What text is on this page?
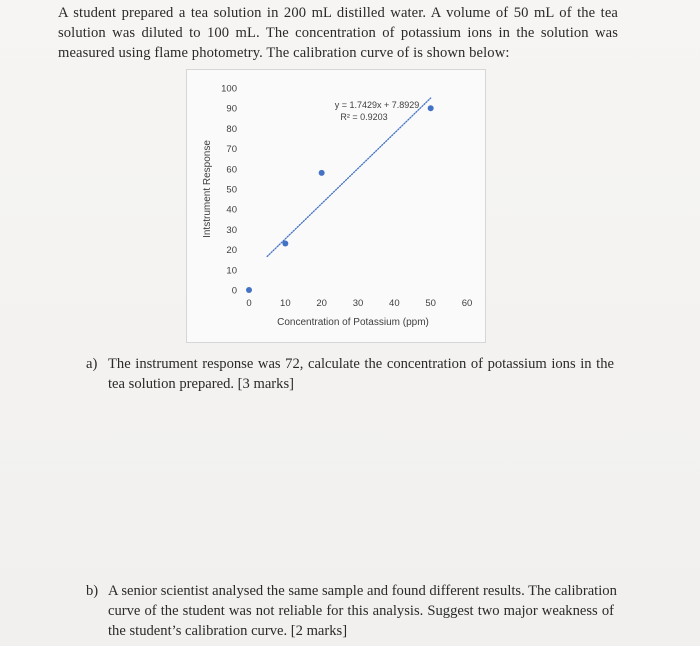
A student prepared a tea solution in 200 mL distilled water. A volume of 50 mL of the tea
solution was diluted to 100 mL. The concentration of potassium ions in the solution was
measured using flame photometry. The calibration curve of is shown below:
0
10
20
30
40
50
60
70
80
90
100
0	10	20	30	40	50	60
Concentration of Potassium (ppm)
Intstrument Response
y = 1.7429x + 7.8929
R² = 0.9203
a) The instrument response was 72, calculate the concentration of potassium ions in the
tea solution prepared. [3 marks]
b) A senior scientist analysed the same sample and found different results. The calibration
curve of the student was not reliable for this analysis. Suggest two major weakness of
the student’s calibration curve. [2 marks]
